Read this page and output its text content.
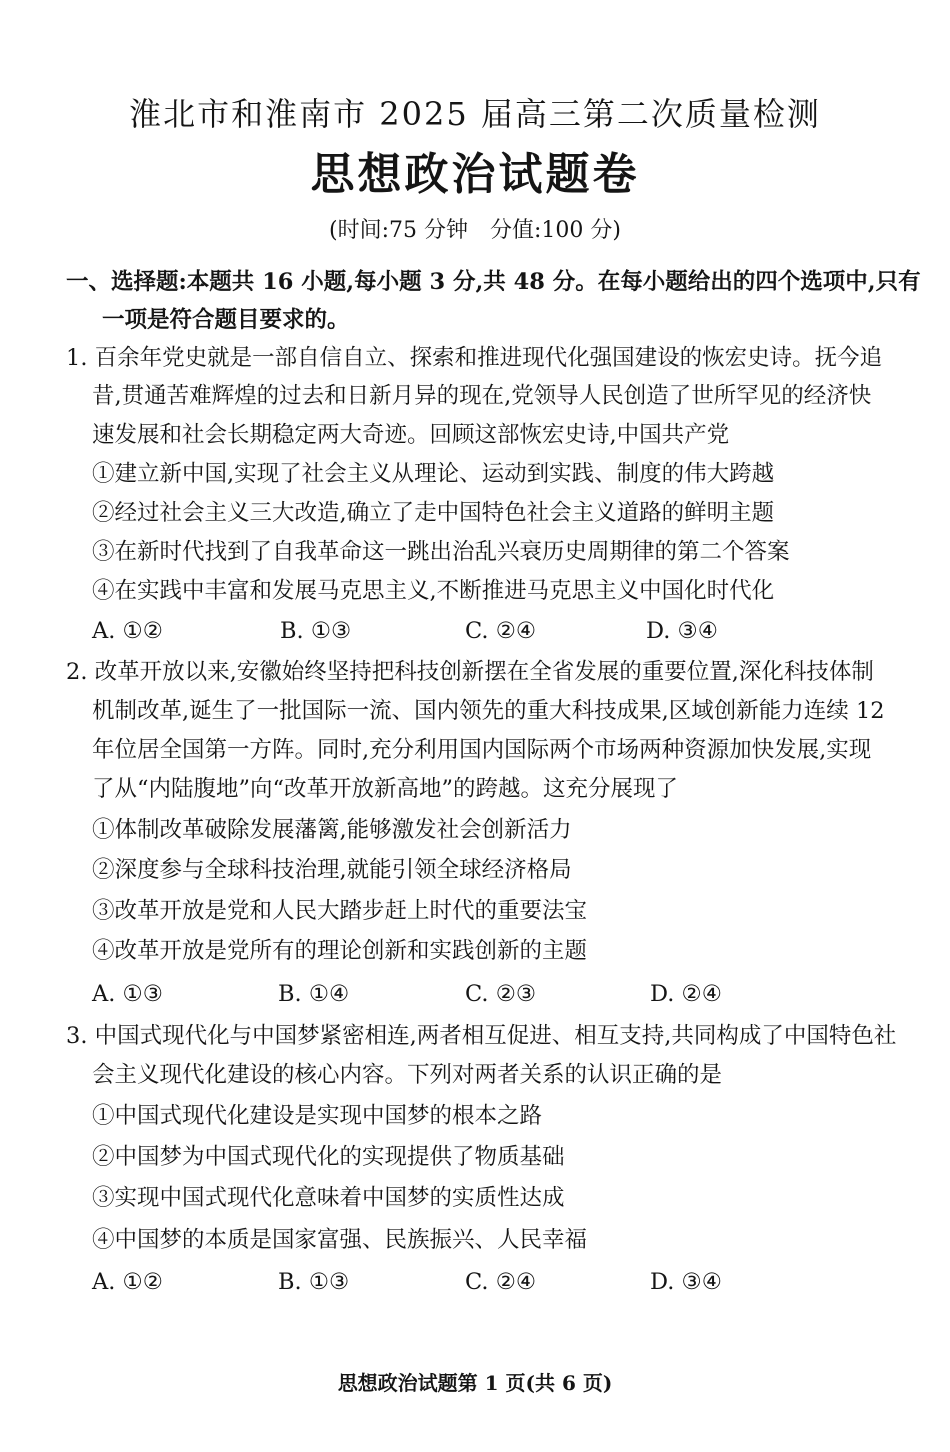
淮北市和淮南市 2025 届高三第二次质量检测
思想政治试题卷
(时间:75 分钟　分值:100 分)
一、选择题:本题共 16 小题,每小题 3 分,共 48 分。在每小题给出的四个选项中,只有
一项是符合题目要求的。
1. 百余年党史就是一部自信自立、探索和推进现代化强国建设的恢宏史诗。抚今追
昔,贯通苦难辉煌的过去和日新月异的现在,党领导人民创造了世所罕见的经济快
速发展和社会长期稳定两大奇迹。回顾这部恢宏史诗,中国共产党
①建立新中国,实现了社会主义从理论、运动到实践、制度的伟大跨越
②经过社会主义三大改造,确立了走中国特色社会主义道路的鲜明主题
③在新时代找到了自我革命这一跳出治乱兴衰历史周期律的第二个答案
④在实践中丰富和发展马克思主义,不断推进马克思主义中国化时代化
A. ①②	B. ①③	C. ②④	D. ③④
2. 改革开放以来,安徽始终坚持把科技创新摆在全省发展的重要位置,深化科技体制
机制改革,诞生了一批国际一流、国内领先的重大科技成果,区域创新能力连续 12
年位居全国第一方阵。同时,充分利用国内国际两个市场两种资源加快发展,实现
了从“内陆腹地”向“改革开放新高地”的跨越。这充分展现了
①体制改革破除发展藩篱,能够激发社会创新活力
②深度参与全球科技治理,就能引领全球经济格局
③改革开放是党和人民大踏步赶上时代的重要法宝
④改革开放是党所有的理论创新和实践创新的主题
A. ①③	B. ①④	C. ②③	D. ②④
3. 中国式现代化与中国梦紧密相连,两者相互促进、相互支持,共同构成了中国特色社
会主义现代化建设的核心内容。下列对两者关系的认识正确的是
①中国式现代化建设是实现中国梦的根本之路
②中国梦为中国式现代化的实现提供了物质基础
③实现中国式现代化意味着中国梦的实质性达成
④中国梦的本质是国家富强、民族振兴、人民幸福
A. ①②	B. ①③	C. ②④	D. ③④
思想政治试题第 1 页(共 6 页)
